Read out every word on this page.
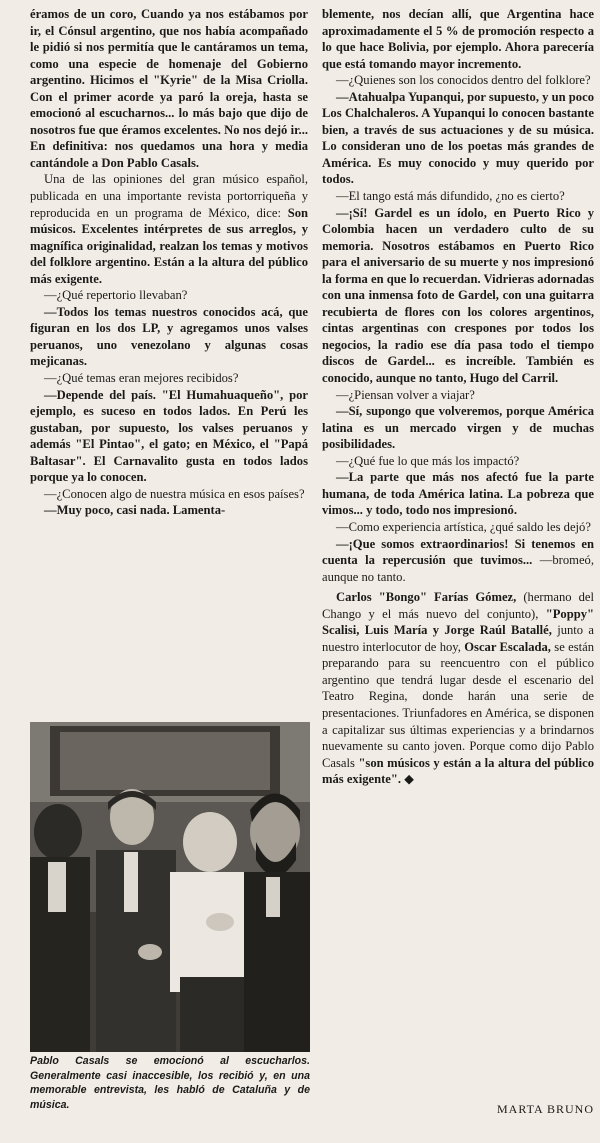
éramos de un coro, Cuando ya nos estábamos por ir, el Cónsul argentino, que nos había acompañado le pidió si nos permitía que le cantáramos un tema, como una especie de homenaje del Gobierno argentino. Hicimos el "Kyrie" de la Misa Criolla. Con el primer acorde ya paró la oreja, hasta se emocionó al escucharnos... lo más bajo que dijo de nosotros fue que éramos excelentes. No nos dejó ir... En definitiva: nos quedamos una hora y media cantándole a Don Pablo Casals.

Una de las opiniones del gran músico español, publicada en una importante revista portorriqueña y reproducida en un programa de México, dice: Son músicos. Excelentes intérpretes de sus arreglos, y magnífica originalidad, realzan los temas y motivos del folklore argentino. Están a la altura del público más exigente.

—¿Qué repertorio llevaban?

—Todos los temas nuestros conocidos acá, que figuran en los dos LP, y agregamos unos valses peruanos, uno venezolano y algunas cosas mejicanas.

—¿Qué temas eran mejores recibidos?

—Depende del país. "El Humahuaqueño", por ejemplo, es suceso en todos lados. En Perú les gustaban, por supuesto, los valses peruanos y además "El Pintao", el gato; en México, el "Papá Baltasar". El Carnavalito gusta en todos lados porque ya lo conocen.

—¿Conocen algo de nuestra música en esos países?

—Muy poco, casi nada. Lamenta-

blemente, nos decían allí, que Argentina hace aproximadamente el 5 % de promoción respecto a lo que hace Bolivia, por ejemplo. Ahora parecería que está tomando mayor incremento.

—¿Quienes son los conocidos dentro del folklore?

—Atahualpa Yupanqui, por supuesto, y un poco Los Chalchaleros. A Yupanqui lo conocen bastante bien, a través de sus actuaciones y de su música. Lo consideran uno de los poetas más grandes de América. Es muy conocido y muy querido por todos.

—El tango está más difundido, ¿no es cierto?

—¡Sí! Gardel es un ídolo, en Puerto Rico y Colombia hacen un verdadero culto de su memoria. Nosotros estábamos en Puerto Rico para el aniversario de su muerte y nos impresionó la forma en que lo recuerdan. Vidrieras adornadas con una inmensa foto de Gardel, con una guitarra recubierta de flores con los colores argentinos, cintas argentinas con crespones por todos los negocios, la radio ese día pasa todo el tiempo discos de Gardel... es increíble. También es conocido, aunque no tanto, Hugo del Carril.

—¿Piensan volver a viajar?

—Sí, supongo que volveremos, porque América latina es un mercado virgen y de muchas posibilidades.

—¿Qué fue lo que más los impactó?

—La parte que más nos afectó fue la parte humana, de toda América latina. La pobreza que vimos... y todo, todo nos impresionó.

—Como experiencia artística, ¿qué saldo les dejó?

—¡Que somos extraordinarios! Si tenemos en cuenta la repercusión que tuvimos... —bromeó, aunque no tanto.

Carlos "Bongo" Farías Gómez, (hermano del Chango y el más nuevo del conjunto), "Poppy" Scalisi, Luis María y Jorge Raúl Batallé, junto a nuestro interlocutor de hoy, Oscar Escalada, se están preparando para su reencuentro con el público argentino que tendrá lugar desde el escenario del Teatro Regina, donde harán una serie de presentaciones. Triunfadores en América, se disponen a capitalizar sus últimas experiencias y a brindarnos nuevamente su canto joven. Porque como dijo Pablo Casals "son músicos y están a la altura del público más exigente". ◆

Pablo Casals se emocionó al escucharlos. Generalmente casi inaccesible, los recibió y, en una memorable entrevista, les habló de Cataluña y de música.	MARTA BRUNO
